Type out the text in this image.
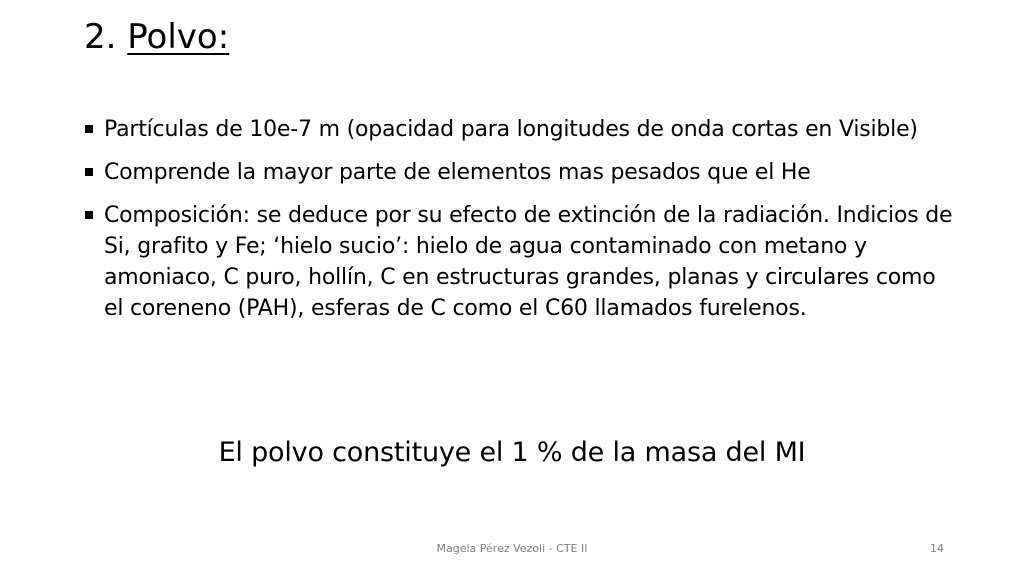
2. Polvo:
Partículas de 10e-7 m (opacidad para longitudes de onda cortas en Visible)
Comprende la mayor parte de elementos mas pesados que el He
Composición: se deduce por su efecto de extinción de la radiación. Indicios de Si, grafito y Fe; ‘hielo sucio’: hielo de agua contaminado con metano y amoniaco, C puro, hollín, C en estructuras grandes, planas y circulares como el coreneno (PAH), esferas de C como el C60 llamados furelenos.
El polvo constituye el 1 % de la masa del MI
Magela Pérez Vezoli - CTE II	14
